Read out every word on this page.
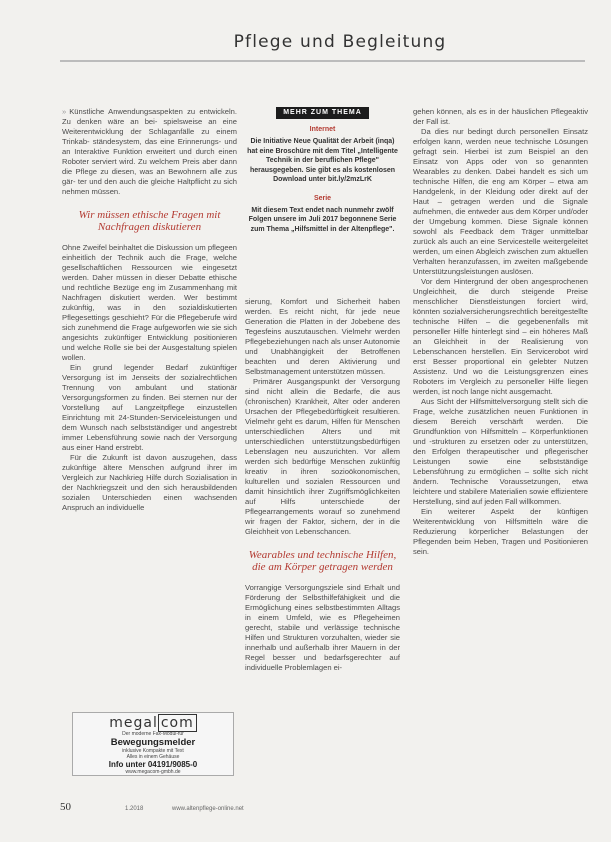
Pflege und Begleitung

» Künstliche Anwendungsaspekten zu entwickeln. Zu denken wäre an bei- spielsweise an eine Weiterentwicklung der Schlaganfälle zu einem Trinkab- ständesystem, das eine Erinnerungs- und an Interaktive Funktion erweitert und durch einen Roboter serviert wird. Zu welchem Preis aber dann die Pflege zu diesen, was an Bewohnern alle zus gär- ter und den auch die gleiche Haltpflicht zu sich nehmen müssen.

Wir müssen ethische Fragen mit Nachfragen diskutieren

Ohne Zweifel beinhaltet die Diskussion um pflegeen einheitlich der Technik auch die Frage, welche gesellschaftlichen Ressourcen wie eingesetzt werden. Daher müssen in dieser Debatte ethische und rechtliche Bezüge eng im Zusammenhang mit Nachfragen diskutiert werden. Wer bestimmt zukünftig, was in den sozialdiskutierten Pflegesettings geschieht? Für die Pflegeberufe wird sich zunehmend die Frage aufgeworfen wie sie sich angesichts zukünftiger Entwicklung positionieren und welche Rolle sie bei der Ausgestaltung spielen wollen.

Ein grund legender Bedarf zukünftiger Versorgung ist im Jenseits der sozialrechtlichen Trennung von ambulant und stationär Versorgungsformen zu finden. Bei sternen nur der Vorstellung auf Langzeitpflege einzustellen Einrichtung mit 24-Stunden-Serviceleistungen und dem Wunsch nach selbstständiger und angestrebt immer Lebensführung sowie nach der Versorgung aus einer Hand erstrebt.

Für die Zukunft ist davon auszugehen, dass zukünftige ältere Menschen aufgrund ihrer im Vergleich zur Nachkrieg Hilfe durch Sozialisation in der Nachkriegszeit und den sich herausbildenden sozialen Unterschieden einen wachsenden Anspruch an individuelle

MEHR ZUM THEMA
Internet
Die Initiative Neue Qualität der Arbeit (inqa) hat eine Broschüre mit dem Titel „Intelligente Technik in der beruflichen Pflege" herausgegeben. Sie gibt es als kostenlosen Download unter bit.ly/2mzLrK
Serie
Mit diesem Text endet nach nunmehr zwölf Folgen unsere im Juli 2017 begonnene Serie zum Thema „Hilfsmittel in der Altenpflege".

sierung, Komfort und Sicherheit haben werden. Es reicht nicht, für jede neue Generation die Platten in der Jobebene des Tegesfeins auszutauschen. Vielmehr werden Pflegebeziehungen nach als unser Autonomie und Unabhängigkeit der Betroffenen beachten und deren Aktivierung und Selbstmanagement unterstützen müssen.

Primärer Ausgangspunkt der Versorgung sind nicht allein die Bedarfe, die aus (chronischen) Krankheit, Alter oder anderen Ursachen der Pflegebedürftigkeit resultieren. Vielmehr geht es darum, Hilfen für Menschen unterschiedlichen Alters und mit unterschiedlichen unterstützungsbedürftigen Lebenslagen neu auszurichten. Vor allem werden sich bedürftige Menschen zukünftig kreativ in ihren sozioökonomischen, kulturellen und sozialen Ressourcen und damit hinsichtlich ihrer Zugriffsmöglichkeiten auf Hilfs unterschiede der Pflegearrangements worauf so zunehmend wir fragen der Faktor, sichern, der in die Gleichheit von Lebenschancen.

Wearables und technische Hilfen, die am Körper getragen werden

Vorrangige Versorgungsziele sind Erhalt und Förderung der Selbsthilfefähigkeit und die Ermöglichung eines selbstbestimmten Alltags in einem Umfeld, wie es Pflegeheimen gerecht, stabile und verlässige technische Hilfen und Strukturen vorzuhalten, wieder sie innerhalb und außerhalb ihrer Mauern in der Regel besser und bedarfsgerechter auf individuelle Problemlagen ei-

gehen können, als es in der häuslichen Pflegeaktiv der Fall ist.

Da dies nur bedingt durch personellen Einsatz erfolgen kann, werden neue technische Lösungen gefragt sein. Hierbei ist zum Beispiel an den Einsatz von Apps oder von so genannten Wearables zu denken. Dabei handelt es sich um technische Hilfen, die eng am Körper – etwa am Handgelenk, in der Kleidung oder direkt auf der Haut – getragen werden und die Signale aufnehmen, die entweder aus dem Körper und/oder der Umgebung kommen. Diese Signale können sowohl als Feedback dem Träger unmittelbar zurück als auch an eine Servicestelle weitergeleitet werden, um einen Abgleich zwischen zum aktuellen Verhalten heranzufassen, im zweiten maßgebende Unterstützungsleistungen auslösen.

Vor dem Hintergrund der oben angesprochenen Ungleichheit, die durch steigende Preise menschlicher Dienstleistungen forciert wird, könnten sozialversicherungsrechtlich bereitgestellte technische Hilfen – die gegebenenfalls mit personeller Hilfe hinterlegt sind – ein höheres Maß an Gleichheit in der Realisierung von Lebenschancen herstellen. Ein Servicerobot wird erst Besser proportional ein gelebter Nutzen Assistenz. Und wo die Leistungsgrenzen eines Roboters im Vergleich zu personeller Hilfe liegen werden, ist noch lange nicht ausgemacht.

Aus Sicht der Hilfsmittelversorgung stellt sich die Frage, welche zusätzlichen neuen Funktionen in diesem Bereich verschärft werden. Die Grundfunktion von Hilfsmitteln – Körperfunktionen und -strukturen zu ersetzen oder zu unterstützen, den Erfolgen therapeutischer und pflegerischer Leistungen sowie eine selbstständige Lebensführung zu ermöglichen – sollte sich nicht ändern. Technische Voraussetzungen, etwa leichtere und stabilere Materialien sowie effizientere Herstellung, sind auf jeden Fall willkommen.

Ein weiterer Aspekt der künftigen Weiterentwicklung von Hilfsmitteln wäre die Reduzierung körperlicher Belastungen der Pflegenden beim Heben, Tragen und Positionieren sein.

megal com
Der moderne Fax-Modul-für
Bewegungsmelder
inklusive Kompakte mit Text
Alles in einem Gehäuse
Info unter 04191/9085-0
www.megacom-gmbh.de
50	1.2018	www.altenpflege-online.net
